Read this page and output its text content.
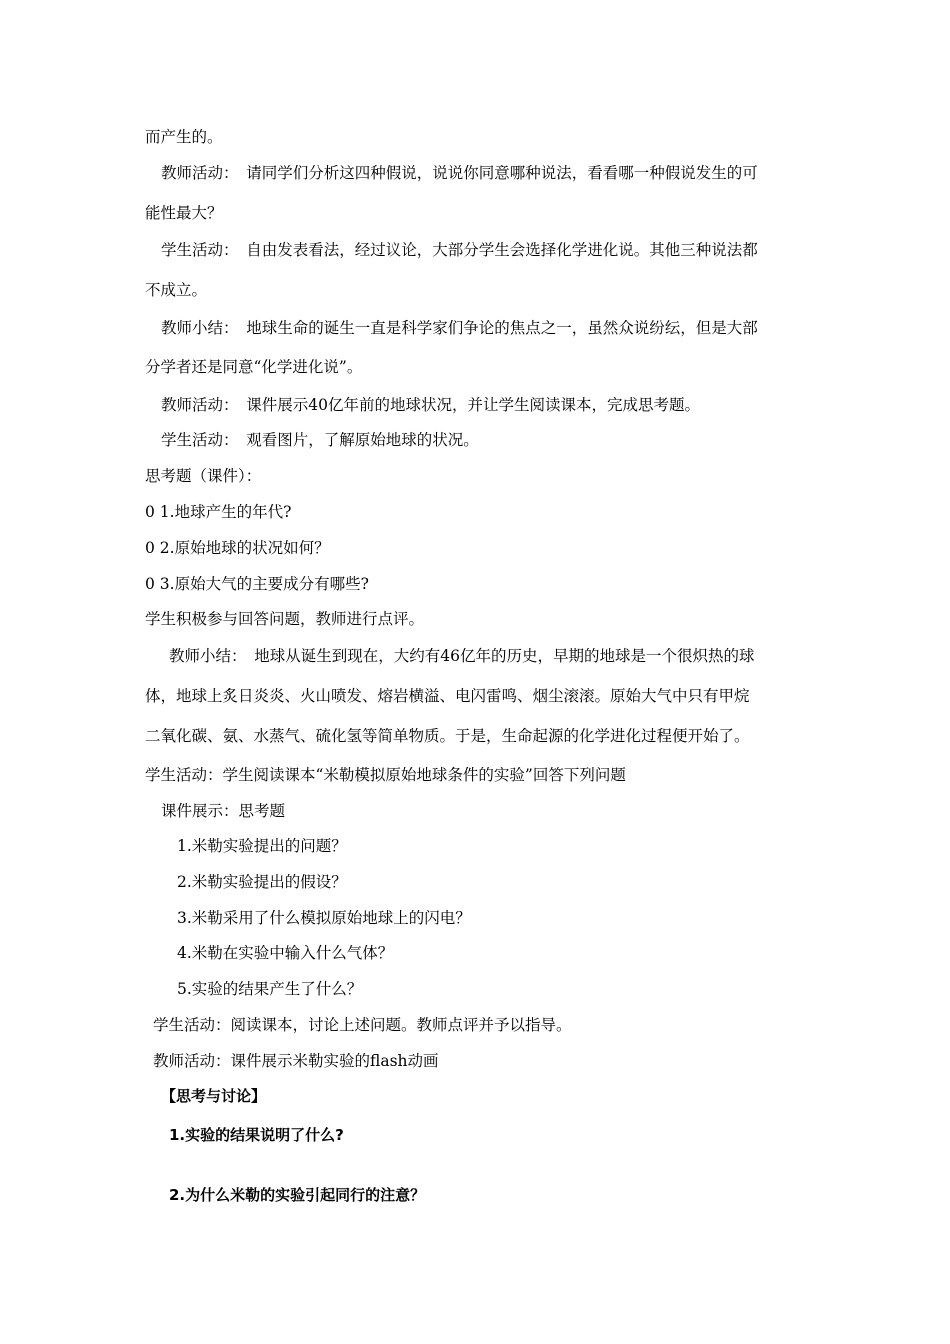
而产生的。
教师活动：　请同学们分析这四种假说，说说你同意哪种说法，看看哪一种假说发生的可
能性最大？
学生活动：　自由发表看法，经过议论，大部分学生会选择化学进化说。其他三种说法都
不成立。
教师小结：　地球生命的诞生一直是科学家们争论的焦点之一，虽然众说纷纭，但是大部
分学者还是同意“化学进化说”。
教师活动：　课件展示40亿年前的地球状况，并让学生阅读课本，完成思考题。
学生活动：　观看图片，了解原始地球的状况。
思考题（课件）：
0 1.地球产生的年代?
0 2.原始地球的状况如何？
0 3.原始大气的主要成分有哪些?
学生积极参与回答问题，教师进行点评。
教师小结：　地球从诞生到现在，大约有46亿年的历史，早期的地球是一个很炽热的球
体，地球上炙日炎炎、火山喷发、熔岩横溢、电闪雷鸣、烟尘滚滚。原始大气中只有甲烷
二氧化碳、氨、水蒸气、硫化氢等简单物质。于是，生命起源的化学进化过程便开始了。
学生活动：学生阅读课本“米勒模拟原始地球条件的实验”回答下列问题
课件展示：思考题
1.米勒实验提出的问题？
2.米勒实验提出的假设？
3.米勒采用了什么模拟原始地球上的闪电？
4.米勒在实验中输入什么气体？
5.实验的结果产生了什么？
学生活动：阅读课本，讨论上述问题。教师点评并予以指导。
教师活动：课件展示米勒实验的flash动画
【思考与讨论】
1.实验的结果说明了什么?
2.为什么米勒的实验引起同行的注意？
